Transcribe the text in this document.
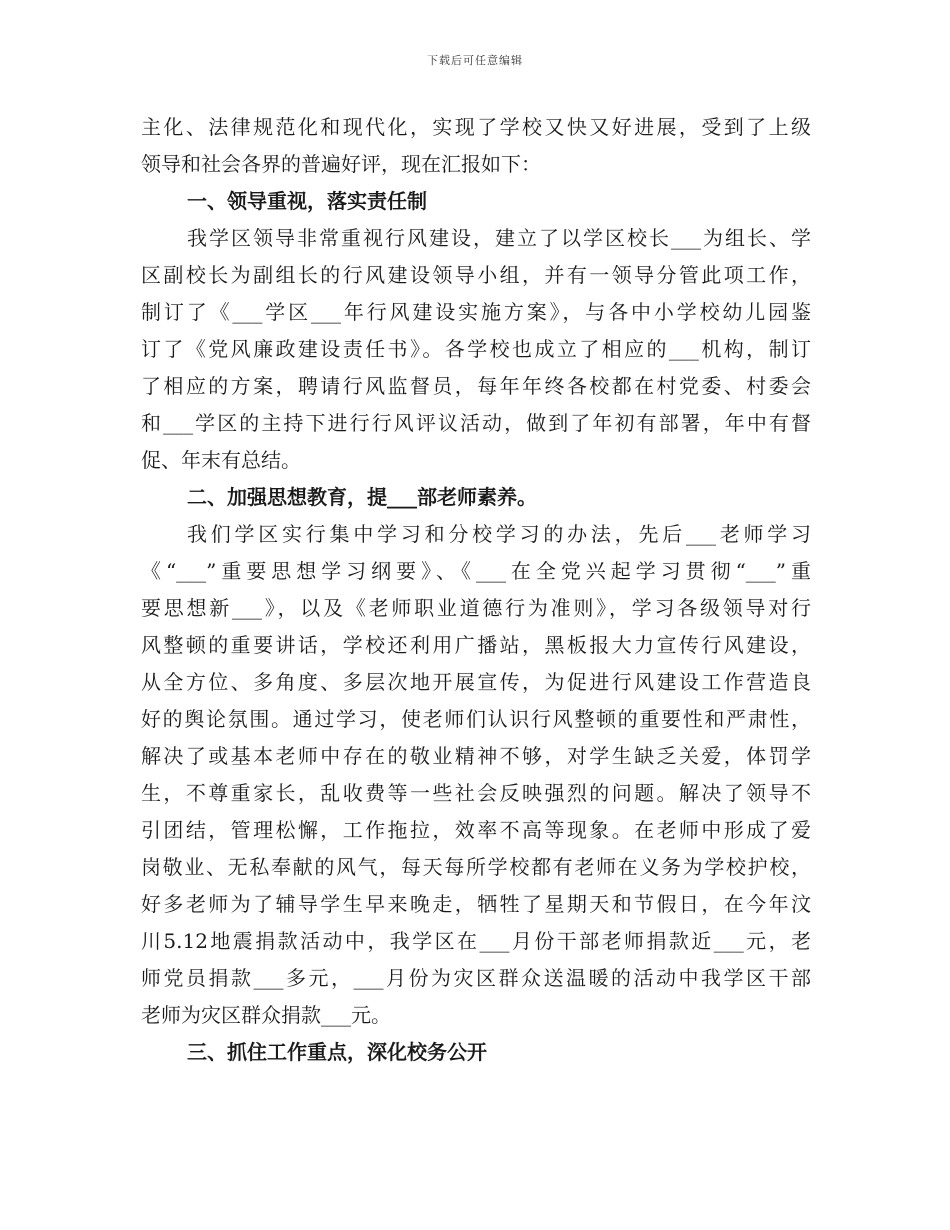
下载后可任意编辑
主化、法律规范化和现代化，实现了学校又快又好进展，受到了上级
领导和社会各界的普遍好评，现在汇报如下：
一、领导重视，落实责任制
我学区领导非常重视行风建设，建立了以学区校长___为组长、学
区副校长为副组长的行风建设领导小组，并有一领导分管此项工作，
制订了《___学区___年行风建设实施方案》，与各中小学校幼儿园鉴
订了《党风廉政建设责任书》。各学校也成立了相应的___机构，制订
了相应的方案，聘请行风监督员，每年年终各校都在村党委、村委会
和___学区的主持下进行行风评议活动，做到了年初有部署，年中有督
促、年末有总结。
二、加强思想教育，提___部老师素养。
我们学区实行集中学习和分校学习的办法，先后___老师学习
《“___”重要思想学习纲要》、《___在全党兴起学习贯彻“___”重
要思想新___》，以及《老师职业道德行为准则》，学习各级领导对行
风整顿的重要讲话，学校还利用广播站，黑板报大力宣传行风建设，
从全方位、多角度、多层次地开展宣传，为促进行风建设工作营造良
好的舆论氛围。通过学习，使老师们认识行风整顿的重要性和严肃性，
解决了或基本老师中存在的敬业精神不够，对学生缺乏关爱，体罚学
生，不尊重家长，乱收费等一些社会反映强烈的问题。解决了领导不
引团结，管理松懈，工作拖拉，效率不高等现象。在老师中形成了爱
岗敬业、无私奉献的风气，每天每所学校都有老师在义务为学校护校，
好多老师为了辅导学生早来晚走，牺牲了星期天和节假日，在今年汶
川5.12地震捐款活动中，我学区在___月份干部老师捐款近___元，老
师党员捐款___多元，___月份为灾区群众送温暖的活动中我学区干部
老师为灾区群众捐款___元。
三、抓住工作重点，深化校务公开
